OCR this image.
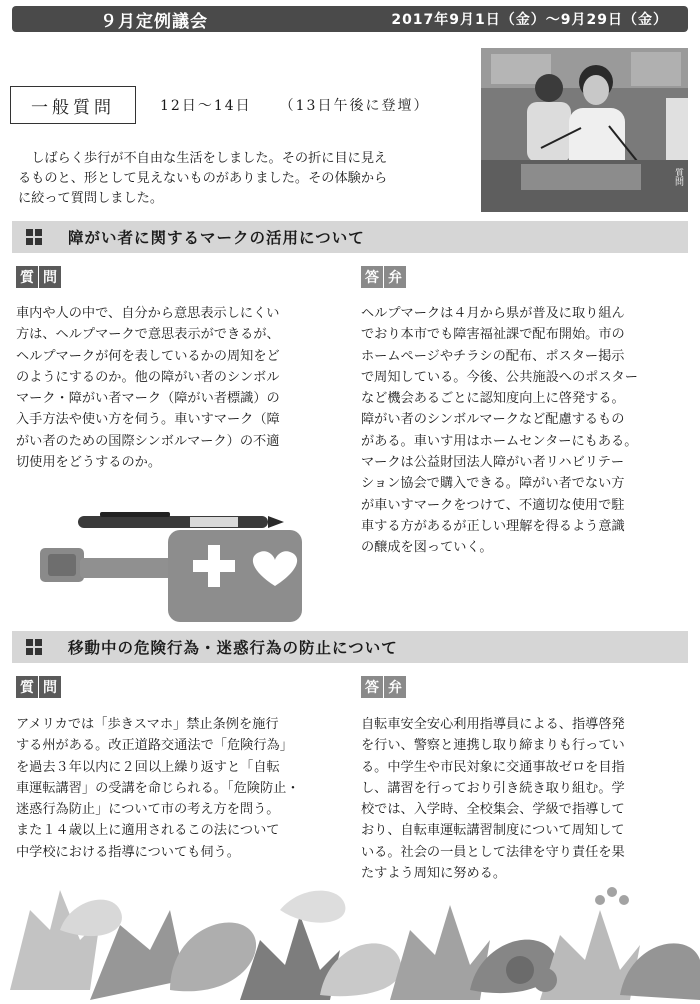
９月定例議会	2017年9月1日（金）～9月29日（金）
一般質問	12日～14日 （13日午後に登壇）

しばらく歩行が不自由な生活をしました。その折に目に見え

るものと、形として見えないものがありました。その体験から
に絞って質問しました。
質問
障がい者に関するマークの活用について
質 問	答 弁
車内や人の中で、自分から意思表示しにくい
方は、ヘルプマークで意思表示ができるが、
ヘルプマークが何を表しているかの周知をど
のようにするのか。他の障がい者のシンボル
マーク・障がい者マーク（障がい者標識）の
入手方法や使い方を伺う。車いすマーク（障
がい者のための国際シンボルマーク）の不適
切使用をどうするのか。
ヘルプマークは４月から県が普及に取り組ん
でおり本市でも障害福祉課で配布開始。市の
ホームページやチラシの配布、ポスター掲示
で周知している。今後、公共施設へのポスター
など機会あるごとに認知度向上に啓発する。
障がい者のシンボルマークなど配慮するもの
がある。車いす用はホームセンターにもある。
マークは公益財団法人障がい者リハビリテー
ション協会で購入できる。障がい者でない方
が車いすマークをつけて、不適切な使用で駐
車する方があるが正しい理解を得るよう意識
の醸成を図っていく。
移動中の危険行為・迷惑行為の防止について
質 問	答 弁
アメリカでは「歩きスマホ」禁止条例を施行
する州がある。改正道路交通法で「危険行為」
を過去３年以内に２回以上繰り返すと「自転
車運転講習」の受講を命じられる。「危険防止・
迷惑行為防止」について市の考え方を問う。
また１４歳以上に適用されるこの法について
中学校における指導についても伺う。
自転車安全安心利用指導員による、指導啓発
を行い、警察と連携し取り締まりも行ってい
る。中学生や市民対象に交通事故ゼロを目指
し、講習を行っており引き続き取り組む。学
校では、入学時、全校集会、学級で指導して
おり、自転車運転講習制度について周知して
いる。社会の一員として法律を守り責任を果
たすよう周知に努める。
